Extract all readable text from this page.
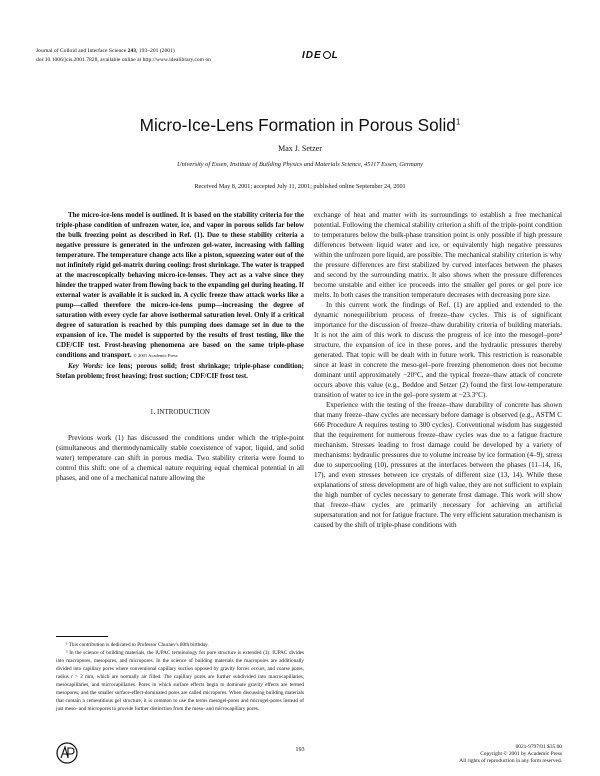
Journal of Colloid and Interface Science 243, 193–201 (2001)
doi:10.1006/jcis.2001.7828, available online at http://www.idealibrary.com on	IDE L
Micro-Ice-Lens Formation in Porous Solid$^1$
Max J. Setzer
University of Essen, Institute of Building Physics and Materials Science, 45117 Essen, Germany
Received May 8, 2001; accepted July 11, 2001; published online September 24, 2001

The micro-ice-lens model is outlined. It is based on the stability criteria for the triple-phase condition of unfrozen water, ice, and vapor in porous solids far below the bulk freezing point as described in Ref. (1). Due to these stability criteria a negative pressure is generated in the unfrozen gel-water, increasing with falling temperature. The temperature change acts like a piston, squeezing water out of the not infinitely rigid gel-matrix during cooling: frost shrinkage. The water is trapped at the macroscopically behaving micro-ice-lenses. They act as a valve since they hinder the trapped water from flowing back to the expanding gel during heating. If external water is available it is sucked in. A cyclic freeze thaw attack works like a pump—called therefore the micro-ice-lens pump—increasing the degree of saturation with every cycle far above isothermal saturation level. Only if a critical degree of saturation is reached by this pumping does damage set in due to the expansion of ice. The model is supported by the results of frost testing, like the CDF/CIF test. Frost-heaving phenomena are based on the same triple-phase conditions and transport. © 2001 Academic Press

Key Words: ice lens; porous solid; frost shrinkage; triple-phase condition; Stefan problem; frost heaving; frost suction; CDF/CIF frost test.

1. INTRODUCTION

Previous work (1) has discussed the conditions under which the triple-point (simultaneous and thermodynamically stable coexistence of vapor, liquid, and solid water) temperature can shift in porous media. Two stability criteria were found to control this shift: one of a chemical nature requiring equal chemical potential in all phases, and one of a mechanical nature allowing the

¹ This contribution is dedicated to Professor Churaev's 80th birthday.

² In the science of building materials, the IUPAC terminology for pore structure is extended (3). IUPAC divides into macropores, mesopores, and micropores. In the science of building materials the macropores are additionally divided into capillary pores where conventional capillary suction opposed by gravity forces occurs, and coarse pores, radius r > 2 mm, which are normally air filled. The capillary pores are further subdivided into macrocapillaries, mesocapillaries, and microcapillaries. Pores in which surface effects begin to dominate gravity effects are termed mesopores, and the smaller surface-effect-dominated pores are called micropores. When discussing building materials that contain a cementitious gel structure, it is common to use the terms mesogel-pores and microgel-pores instead of just meso- and micropores to provide further distinction from the meso- and microcapillary pores.

exchange of heat and matter with its surroundings to establish a free mechanical potential. Following the chemical stability criterion a shift of the triple-point condition to temperatures below the bulk-phase transition point is only possible if high pressure differences between liquid water and ice, or equivalently high negative pressures within the unfrozen pore liquid, are possible. The mechanical stability criterion is why the pressure differences are first stabilized by curved interfaces between the phases and second by the surrounding matrix. It also shows when the pressure differences become unstable and either ice proceeds into the smaller gel pores or gel pore ice melts. In both cases the transition temperature decreases with decreasing pore size.

In this current work the findings of Ref. (1) are applied and extended to the dynamic nonequilibrium process of freeze–thaw cycles. This is of significant importance for the discussion of freeze–thaw durability criteria of building materials. It is not the aim of this work to discuss the progress of ice into the mesogel–pore² structure, the expansion of ice in these pores, and the hydraulic pressures thereby generated. That topic will be dealt with in future work. This restriction is reasonable since at least in concrete the meso-gel–pore freezing phenomenon does not become dominant until approximately −20°C, and the typical freeze–thaw attack of concrete occurs above this value (e.g., Beddoe and Setzer (2) found the first low-temperature transition of water to ice in the gel–pore system at −23.3°C).

Experience with the testing of the freeze–thaw durability of concrete has shown that many freeze–thaw cycles are necessary before damage is observed (e.g., ASTM C 666 Procedure A requires testing to 300 cycles). Conventional wisdom has suggested that the requirement for numerous freeze–thaw cycles was due to a fatigue fracture mechanism. Stresses leading to frost damage could be developed by a variety of mechanisms: hydraulic pressures due to volume increase by ice formation (4–9), stress due to supercooling (10), pressures at the interfaces between the phases (11–14, 16, 17), and even stresses between ice crystals of different size (13, 14). While these explanations of stress development are of high value, they are not sufficient to explain the high number of cycles necessary to generate frost damage. This work will show that freeze–thaw cycles are primarily necessary for achieving an artificial supersaturation and not for fatigue fracture. The very efficient saturation mechanism is caused by the shift of triple-phase conditions with

193	0021-9797/01 $35.00
Copyright © 2001 by Academic Press
All rights of reproduction in any form reserved.
